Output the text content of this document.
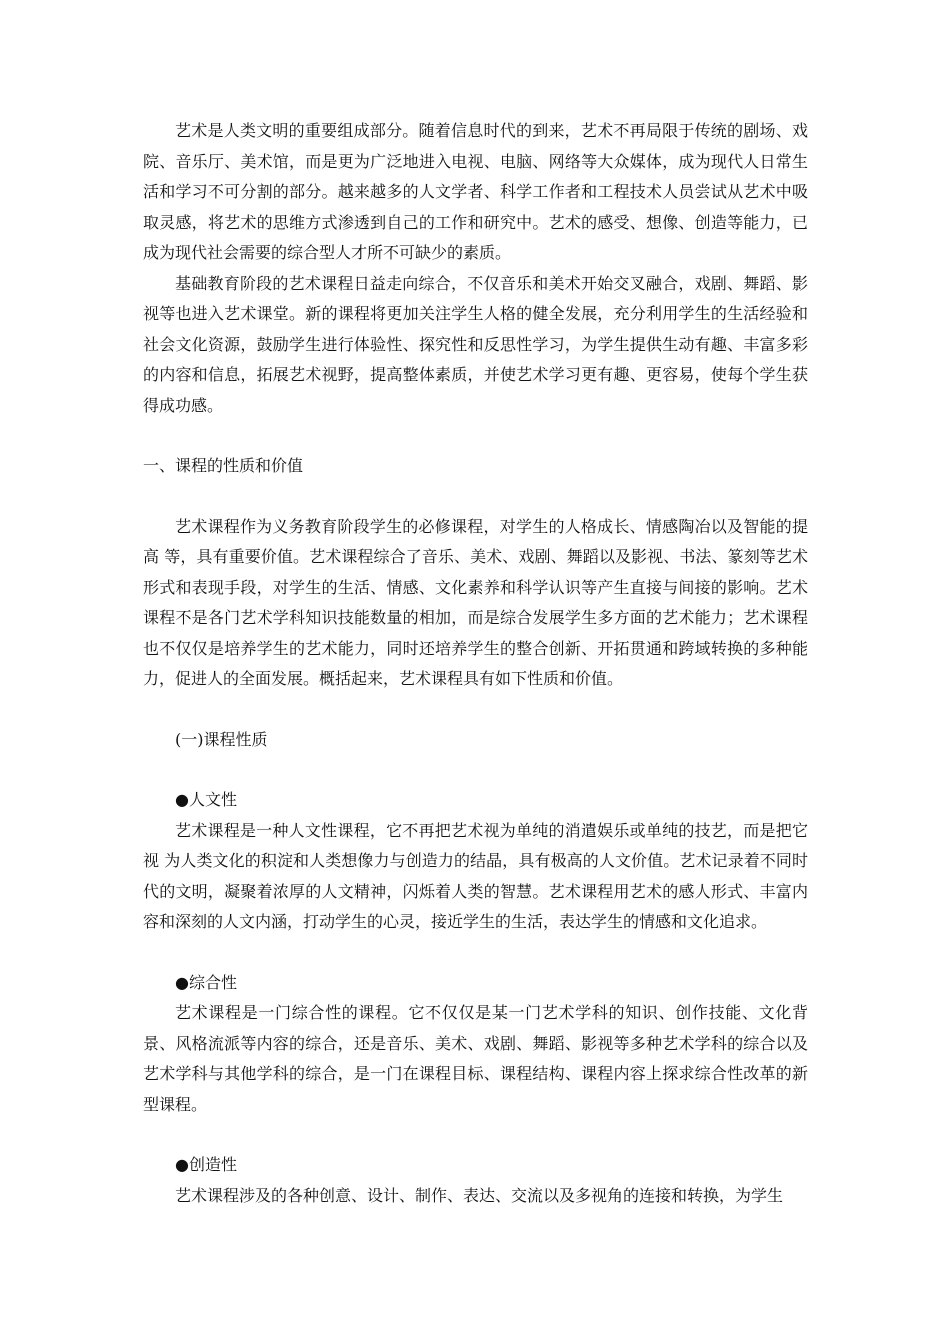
艺术是人类文明的重要组成部分。随着信息时代的到来，艺术不再局限于传统的剧场、戏院、音乐厅、美术馆，而是更为广泛地进入电视、电脑、网络等大众媒体，成为现代人日常生活和学习不可分割的部分。越来越多的人文学者、科学工作者和工程技术人员尝试从艺术中吸取灵感，将艺术的思维方式渗透到自己的工作和研究中。艺术的感受、想像、创造等能力，已成为现代社会需要的综合型人才所不可缺少的素质。

基础教育阶段的艺术课程日益走向综合，不仅音乐和美术开始交叉融合，戏剧、舞蹈、影视等也进入艺术课堂。新的课程将更加关注学生人格的健全发展，充分利用学生的生活经验和社会文化资源，鼓励学生进行体验性、探究性和反思性学习，为学生提供生动有趣、丰富多彩的内容和信息，拓展艺术视野，提高整体素质，并使艺术学习更有趣、更容易，使每个学生获得成功感。

一、课程的性质和价值

艺术课程作为义务教育阶段学生的必修课程，对学生的人格成长、情感陶冶以及智能的提高 等，具有重要价值。艺术课程综合了音乐、美术、戏剧、舞蹈以及影视、书法、篆刻等艺术形式和表现手段，对学生的生活、情感、文化素养和科学认识等产生直接与间接的影响。艺术课程不是各门艺术学科知识技能数量的相加，而是综合发展学生多方面的艺术能力；艺术课程也不仅仅是培养学生的艺术能力，同时还培养学生的整合创新、开拓贯通和跨域转换的多种能力，促进人的全面发展。概括起来，艺术课程具有如下性质和价值。

(一)课程性质

●人文性

艺术课程是一种人文性课程，它不再把艺术视为单纯的消遣娱乐或单纯的技艺，而是把它视 为人类文化的积淀和人类想像力与创造力的结晶，具有极高的人文价值。艺术记录着不同时代的文明，凝聚着浓厚的人文精神，闪烁着人类的智慧。艺术课程用艺术的感人形式、丰富内容和深刻的人文内涵，打动学生的心灵，接近学生的生活，表达学生的情感和文化追求。

●综合性

艺术课程是一门综合性的课程。它不仅仅是某一门艺术学科的知识、创作技能、文化背景、风格流派等内容的综合，还是音乐、美术、戏剧、舞蹈、影视等多种艺术学科的综合以及艺术学科与其他学科的综合，是一门在课程目标、课程结构、课程内容上探求综合性改革的新型课程。

●创造性

艺术课程涉及的各种创意、设计、制作、表达、交流以及多视角的连接和转换，为学生
